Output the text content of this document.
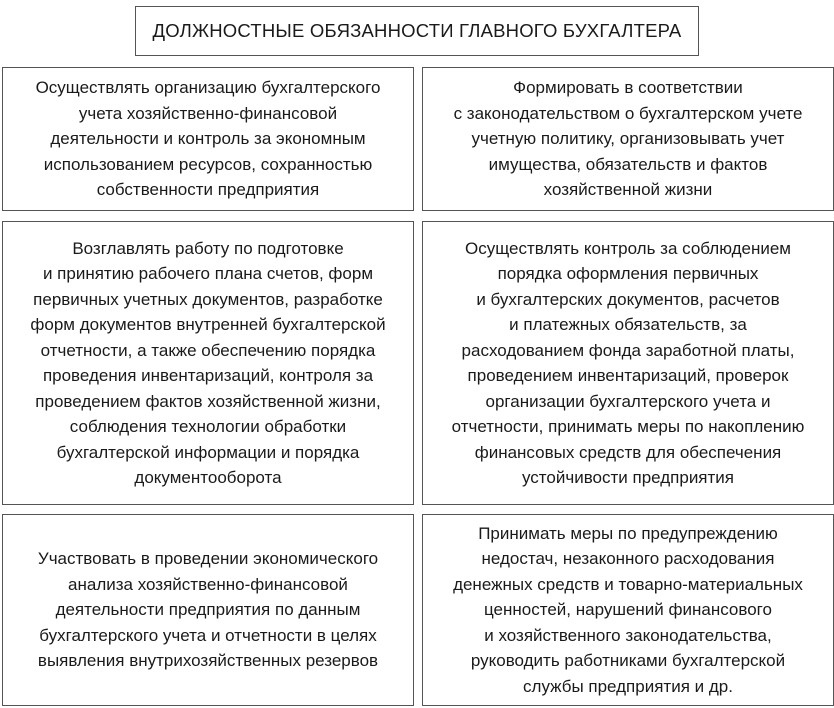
ДОЛЖНОСТНЫЕ ОБЯЗАННОСТИ ГЛАВНОГО БУХГАЛТЕРА
Осуществлять организацию бухгалтерского
учета хозяйственно-финансовой
деятельности и контроль за экономным
использованием ресурсов, сохранностью
собственности предприятия
Формировать в соответствии
с законодательством о бухгалтерском учете
учетную политику, организовывать учет
имущества, обязательств и фактов
хозяйственной жизни
Возглавлять работу по подготовке
и принятию рабочего плана счетов, форм
первичных учетных документов, разработке
форм документов внутренней бухгалтерской
отчетности, а также обеспечению порядка
проведения инвентаризаций, контроля за
проведением фактов хозяйственной жизни,
соблюдения технологии обработки
бухгалтерской информации и порядка
документооборота
Осуществлять контроль за соблюдением
порядка оформления первичных
и бухгалтерских документов, расчетов
и платежных обязательств, за
расходованием фонда заработной платы,
проведением инвентаризаций, проверок
организации бухгалтерского учета и
отчетности, принимать меры по накоплению
финансовых средств для обеспечения
устойчивости предприятия
Участвовать в проведении экономического
анализа хозяйственно-финансовой
деятельности предприятия по данным
бухгалтерского учета и отчетности в целях
выявления внутрихозяйственных резервов
Принимать меры по предупреждению
недостач, незаконного расходования
денежных средств и товарно-материальных
ценностей, нарушений финансового
и хозяйственного законодательства,
руководить работниками бухгалтерской
службы предприятия и др.
